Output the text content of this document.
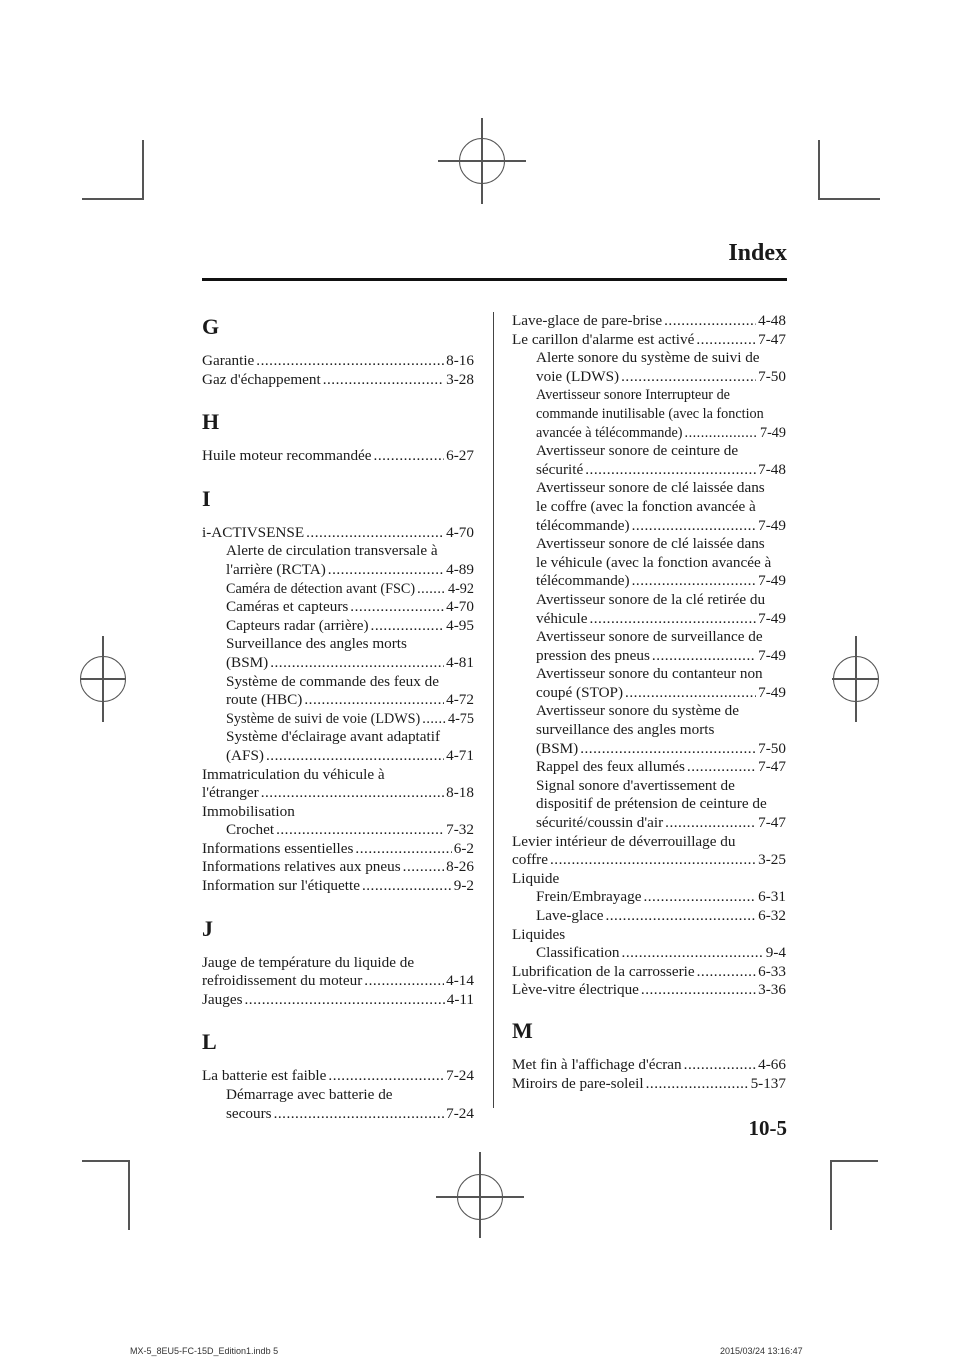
Index
G
Garantie .....	8-16
Gaz d'échappement .....	3-28
H
Huile moteur recommandée .....	6-27
I
i-ACTIVSENSE .....	4-70
Alerte de circulation transversale à
l'arrière (RCTA) .....	4-89
Caméra de détection avant (FSC) ..... 4-92
Caméras et capteurs .....	4-70
Capteurs radar (arrière) .....	4-95
Surveillance des angles morts
(BSM) .....	4-81
Système de commande des feux de
route (HBC) .....	4-72
Système de suivi de voie (LDWS) ..... 4-75
Système d'éclairage avant adaptatif
(AFS) .....	4-71
Immatriculation du véhicule à
l'étranger .....	8-18
Immobilisation
Crochet .....	7-32
Informations essentielles .....	6-2
Informations relatives aux pneus .....	8-26
Information sur l'étiquette .....	9-2
J
Jauge de température du liquide de
refroidissement du moteur .....	4-14
Jauges .....	4-11
L
La batterie est faible .....	7-24
Démarrage avec batterie de
secours .....	7-24
Lave-glace de pare-brise .....	4-48
Le carillon d'alarme est activé .....	7-47
Alerte sonore du système de suivi de
voie (LDWS) .....	7-50
Avertisseur sonore Interrupteur de
commande inutilisable (avec la fonction
avancée à télécommande) .....	7-49
Avertisseur sonore de ceinture de
sécurité .....	7-48
Avertisseur sonore de clé laissée dans
le coffre (avec la fonction avancée à
télécommande) .....	7-49
Avertisseur sonore de clé laissée dans
le véhicule (avec la fonction avancée à
télécommande) .....	7-49
Avertisseur sonore de la clé retirée du
véhicule .....	7-49
Avertisseur sonore de surveillance de
pression des pneus .....	7-49
Avertisseur sonore du contanteur non
coupé (STOP) .....	7-49
Avertisseur sonore du système de
surveillance des angles morts
(BSM) .....	7-50
Rappel des feux allumés .....	7-47
Signal sonore d'avertissement de
dispositif de prétension de ceinture de
sécurité/coussin d'air .....	7-47
Levier intérieur de déverrouillage du
coffre .....	3-25
Liquide
Frein/Embrayage .....	6-31
Lave-glace .....	6-32
Liquides
Classification .....	9-4
Lubrification de la carrosserie .....	6-33
Lève-vitre électrique .....	3-36
M
Met fin à l'affichage d'écran .....	4-66
Miroirs de pare-soleil .....	5-137
10-5
MX-5_8EU5-FC-15D_Edition1.indb 5	2015/03/24 13:16:47
